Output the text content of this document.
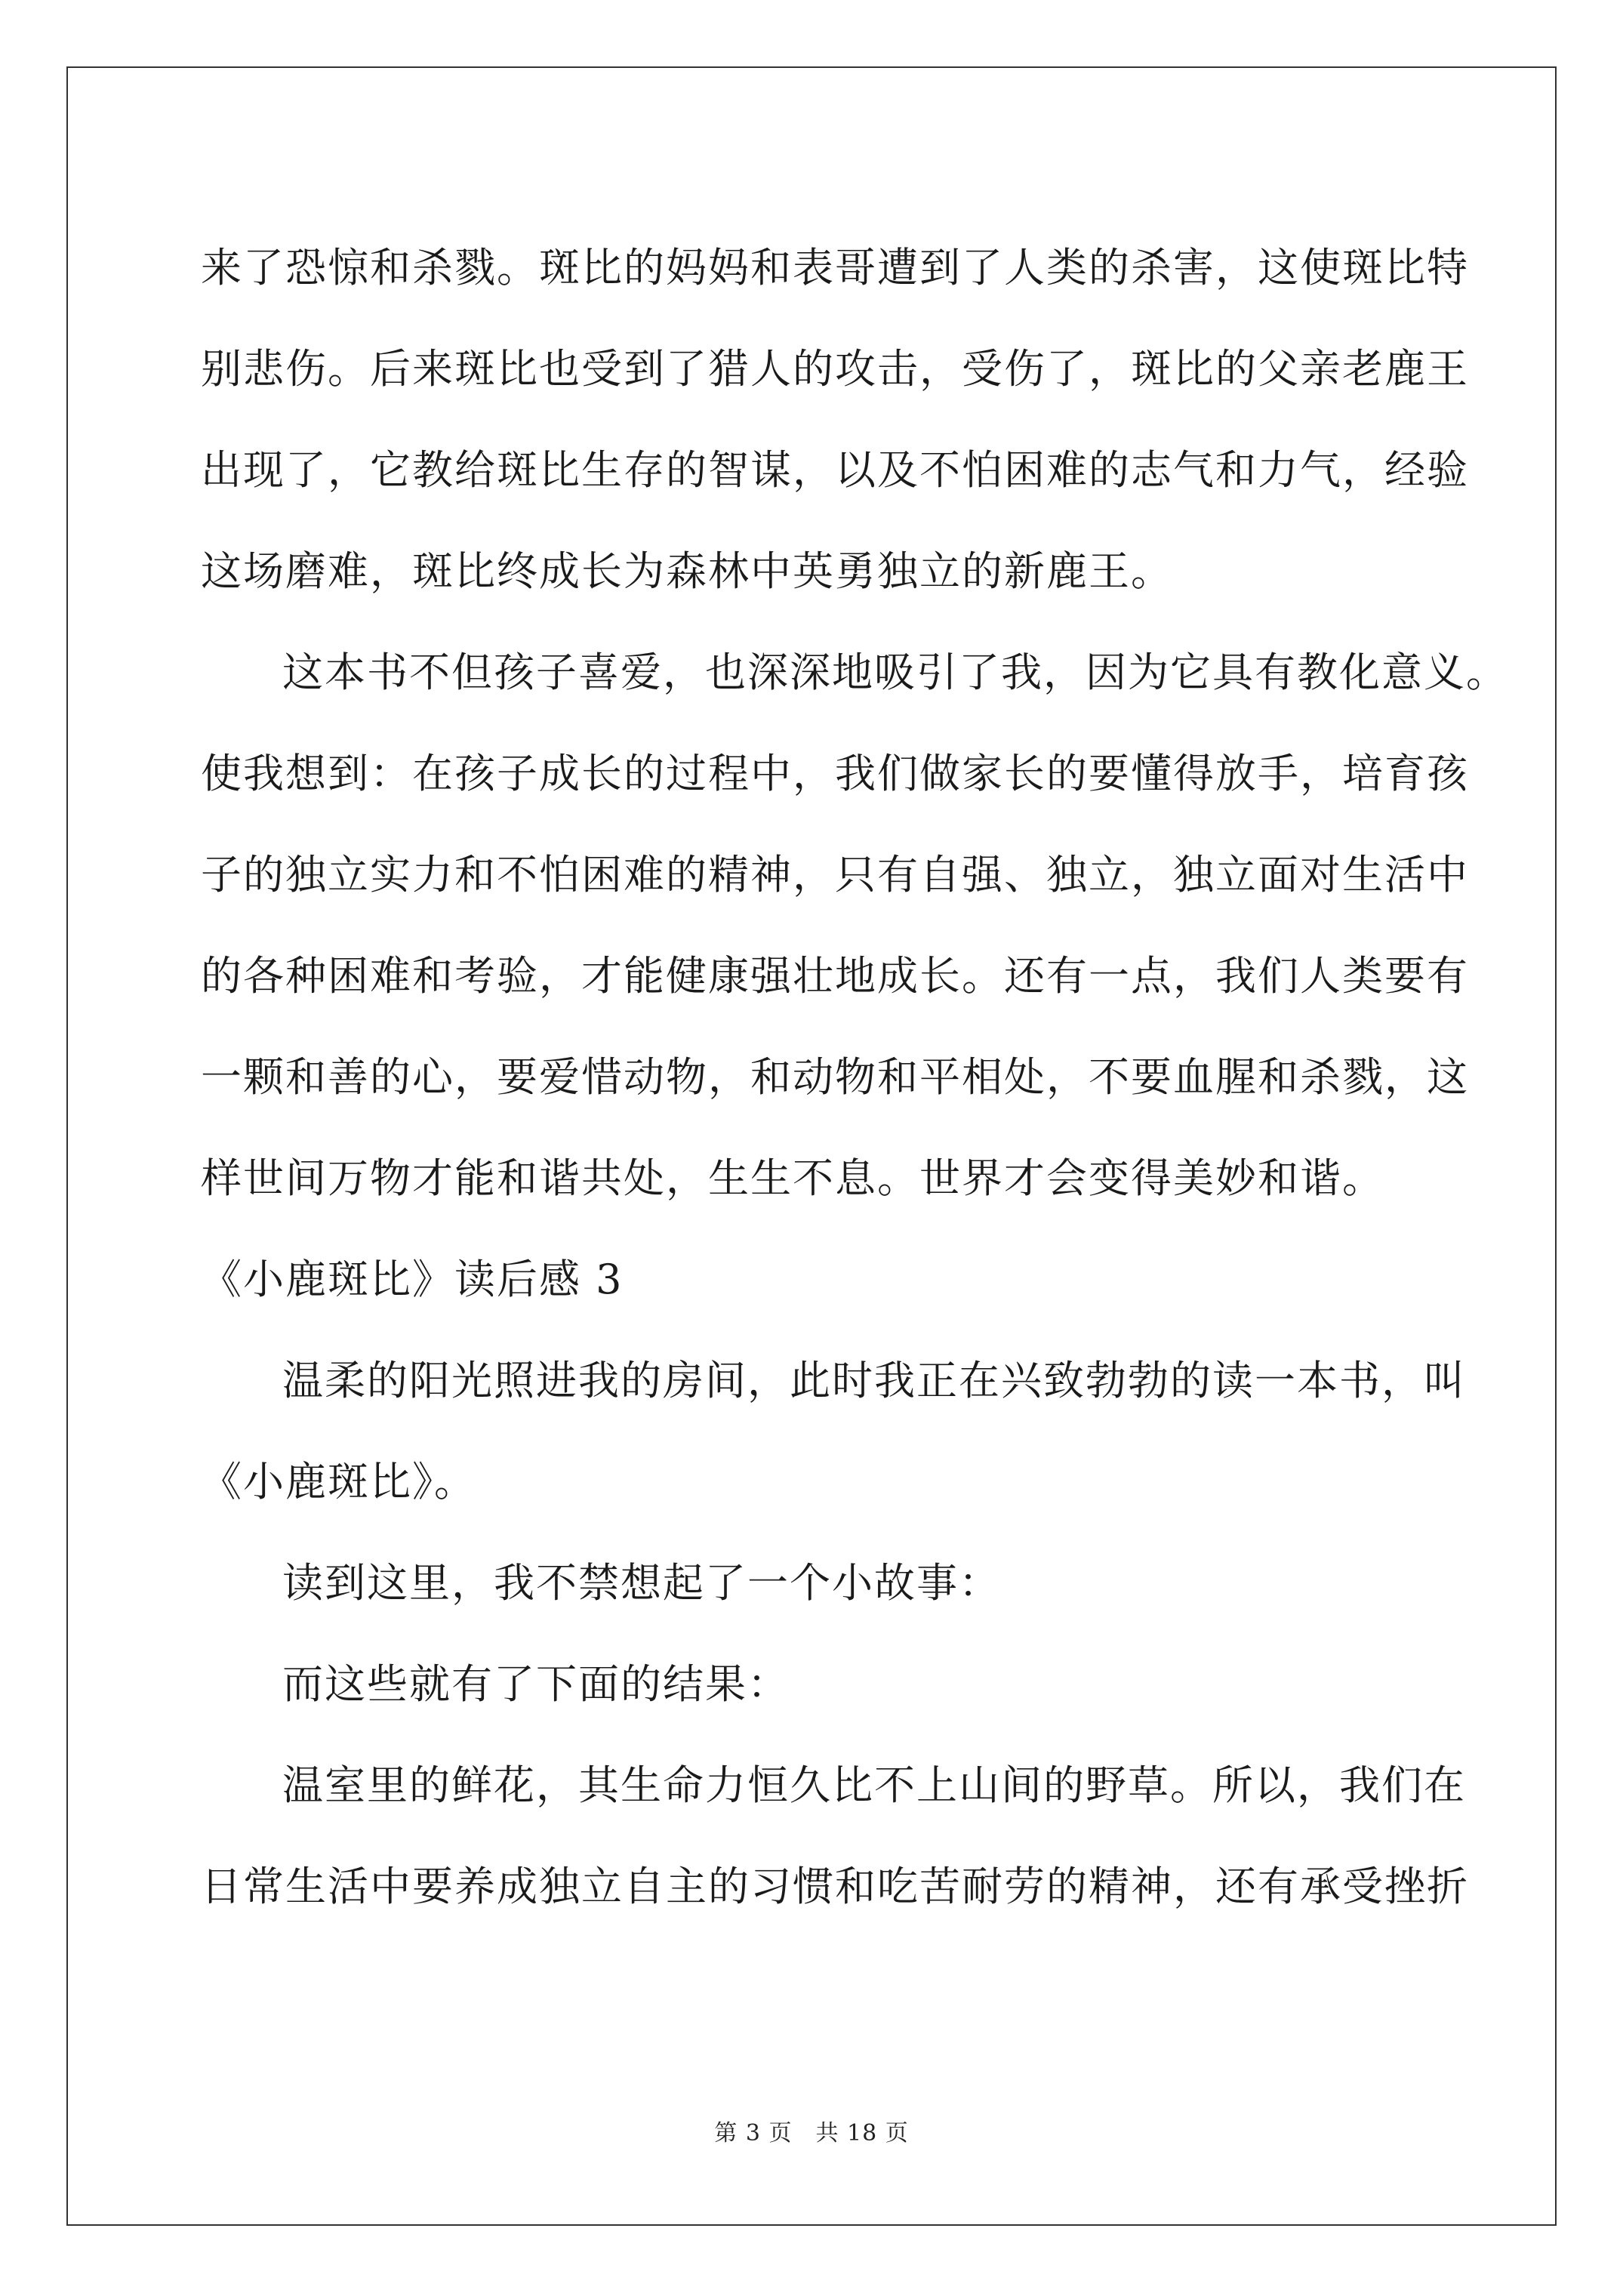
来了恐惊和杀戮。斑比的妈妈和表哥遭到了人类的杀害，这使斑比特
别悲伤。后来斑比也受到了猎人的攻击，受伤了，斑比的父亲老鹿王
出现了，它教给斑比生存的智谋，以及不怕困难的志气和力气，经验
这场磨难，斑比终成长为森林中英勇独立的新鹿王。
这本书不但孩子喜爱，也深深地吸引了我，因为它具有教化意义。
使我想到：在孩子成长的过程中，我们做家长的要懂得放手，培育孩
子的独立实力和不怕困难的精神，只有自强、独立，独立面对生活中
的各种困难和考验，才能健康强壮地成长。还有一点，我们人类要有
一颗和善的心，要爱惜动物，和动物和平相处，不要血腥和杀戮，这
样世间万物才能和谐共处，生生不息。世界才会变得美妙和谐。
《小鹿斑比》读后感 3
温柔的阳光照进我的房间，此时我正在兴致勃勃的读一本书，叫
《小鹿斑比》。
读到这里，我不禁想起了一个小故事：
而这些就有了下面的结果：
温室里的鲜花，其生命力恒久比不上山间的野草。所以，我们在
日常生活中要养成独立自主的习惯和吃苦耐劳的精神，还有承受挫折
第 3 页　共 18 页
